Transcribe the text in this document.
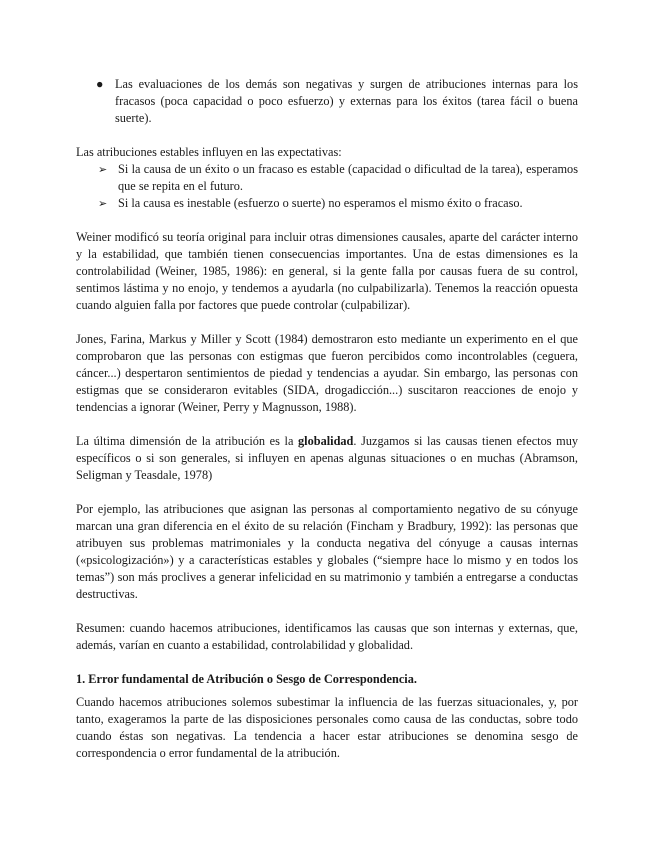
● Las evaluaciones de los demás son negativas y surgen de atribuciones internas para los fracasos (poca capacidad o poco esfuerzo) y externas para los éxitos (tarea fácil o buena suerte).

Las atribuciones estables influyen en las expectativas:

➢ Si la causa de un éxito o un fracaso es estable (capacidad o dificultad de la tarea), esperamos que se repita en el futuro.
➢ Si la causa es inestable (esfuerzo o suerte) no esperamos el mismo éxito o fracaso.

Weiner modificó su teoría original para incluir otras dimensiones causales, aparte del carácter interno y la estabilidad, que también tienen consecuencias importantes. Una de estas dimensiones es la controlabilidad (Weiner, 1985, 1986): en general, si la gente falla por causas fuera de su control, sentimos lástima y no enojo, y tendemos a ayudarla (no culpabilizarla). Tenemos la reacción opuesta cuando alguien falla por factores que puede controlar (culpabilizar).

Jones, Farina, Markus y Miller y Scott (1984) demostraron esto mediante un experimento en el que comprobaron que las personas con estigmas que fueron percibidos como incontrolables (ceguera, cáncer...) despertaron sentimientos de piedad y tendencias a ayudar. Sin embargo, las personas con estigmas que se consideraron evitables (SIDA, drogadicción...) suscitaron reacciones de enojo y tendencias a ignorar (Weiner, Perry y Magnusson, 1988).

La última dimensión de la atribución es la globalidad. Juzgamos si las causas tienen efectos muy específicos o si son generales, si influyen en apenas algunas situaciones o en muchas (Abramson, Seligman y Teasdale, 1978)

Por ejemplo, las atribuciones que asignan las personas al comportamiento negativo de su cónyuge marcan una gran diferencia en el éxito de su relación (Fincham y Bradbury, 1992): las personas que atribuyen sus problemas matrimoniales y la conducta negativa del cónyuge a causas internas («psicologización») y a características estables y globales (“siempre hace lo mismo y en todos los temas”) son más proclives a generar infelicidad en su matrimonio y también a entregarse a conductas destructivas.

Resumen: cuando hacemos atribuciones, identificamos las causas que son internas y externas, que, además, varían en cuanto a estabilidad, controlabilidad y globalidad.

1. Error fundamental de Atribución o Sesgo de Correspondencia.

Cuando hacemos atribuciones solemos subestimar la influencia de las fuerzas situacionales, y, por tanto, exageramos la parte de las disposiciones personales como causa de las conductas, sobre todo cuando éstas son negativas. La tendencia a hacer estar atribuciones se denomina sesgo de correspondencia o error fundamental de la atribución.
